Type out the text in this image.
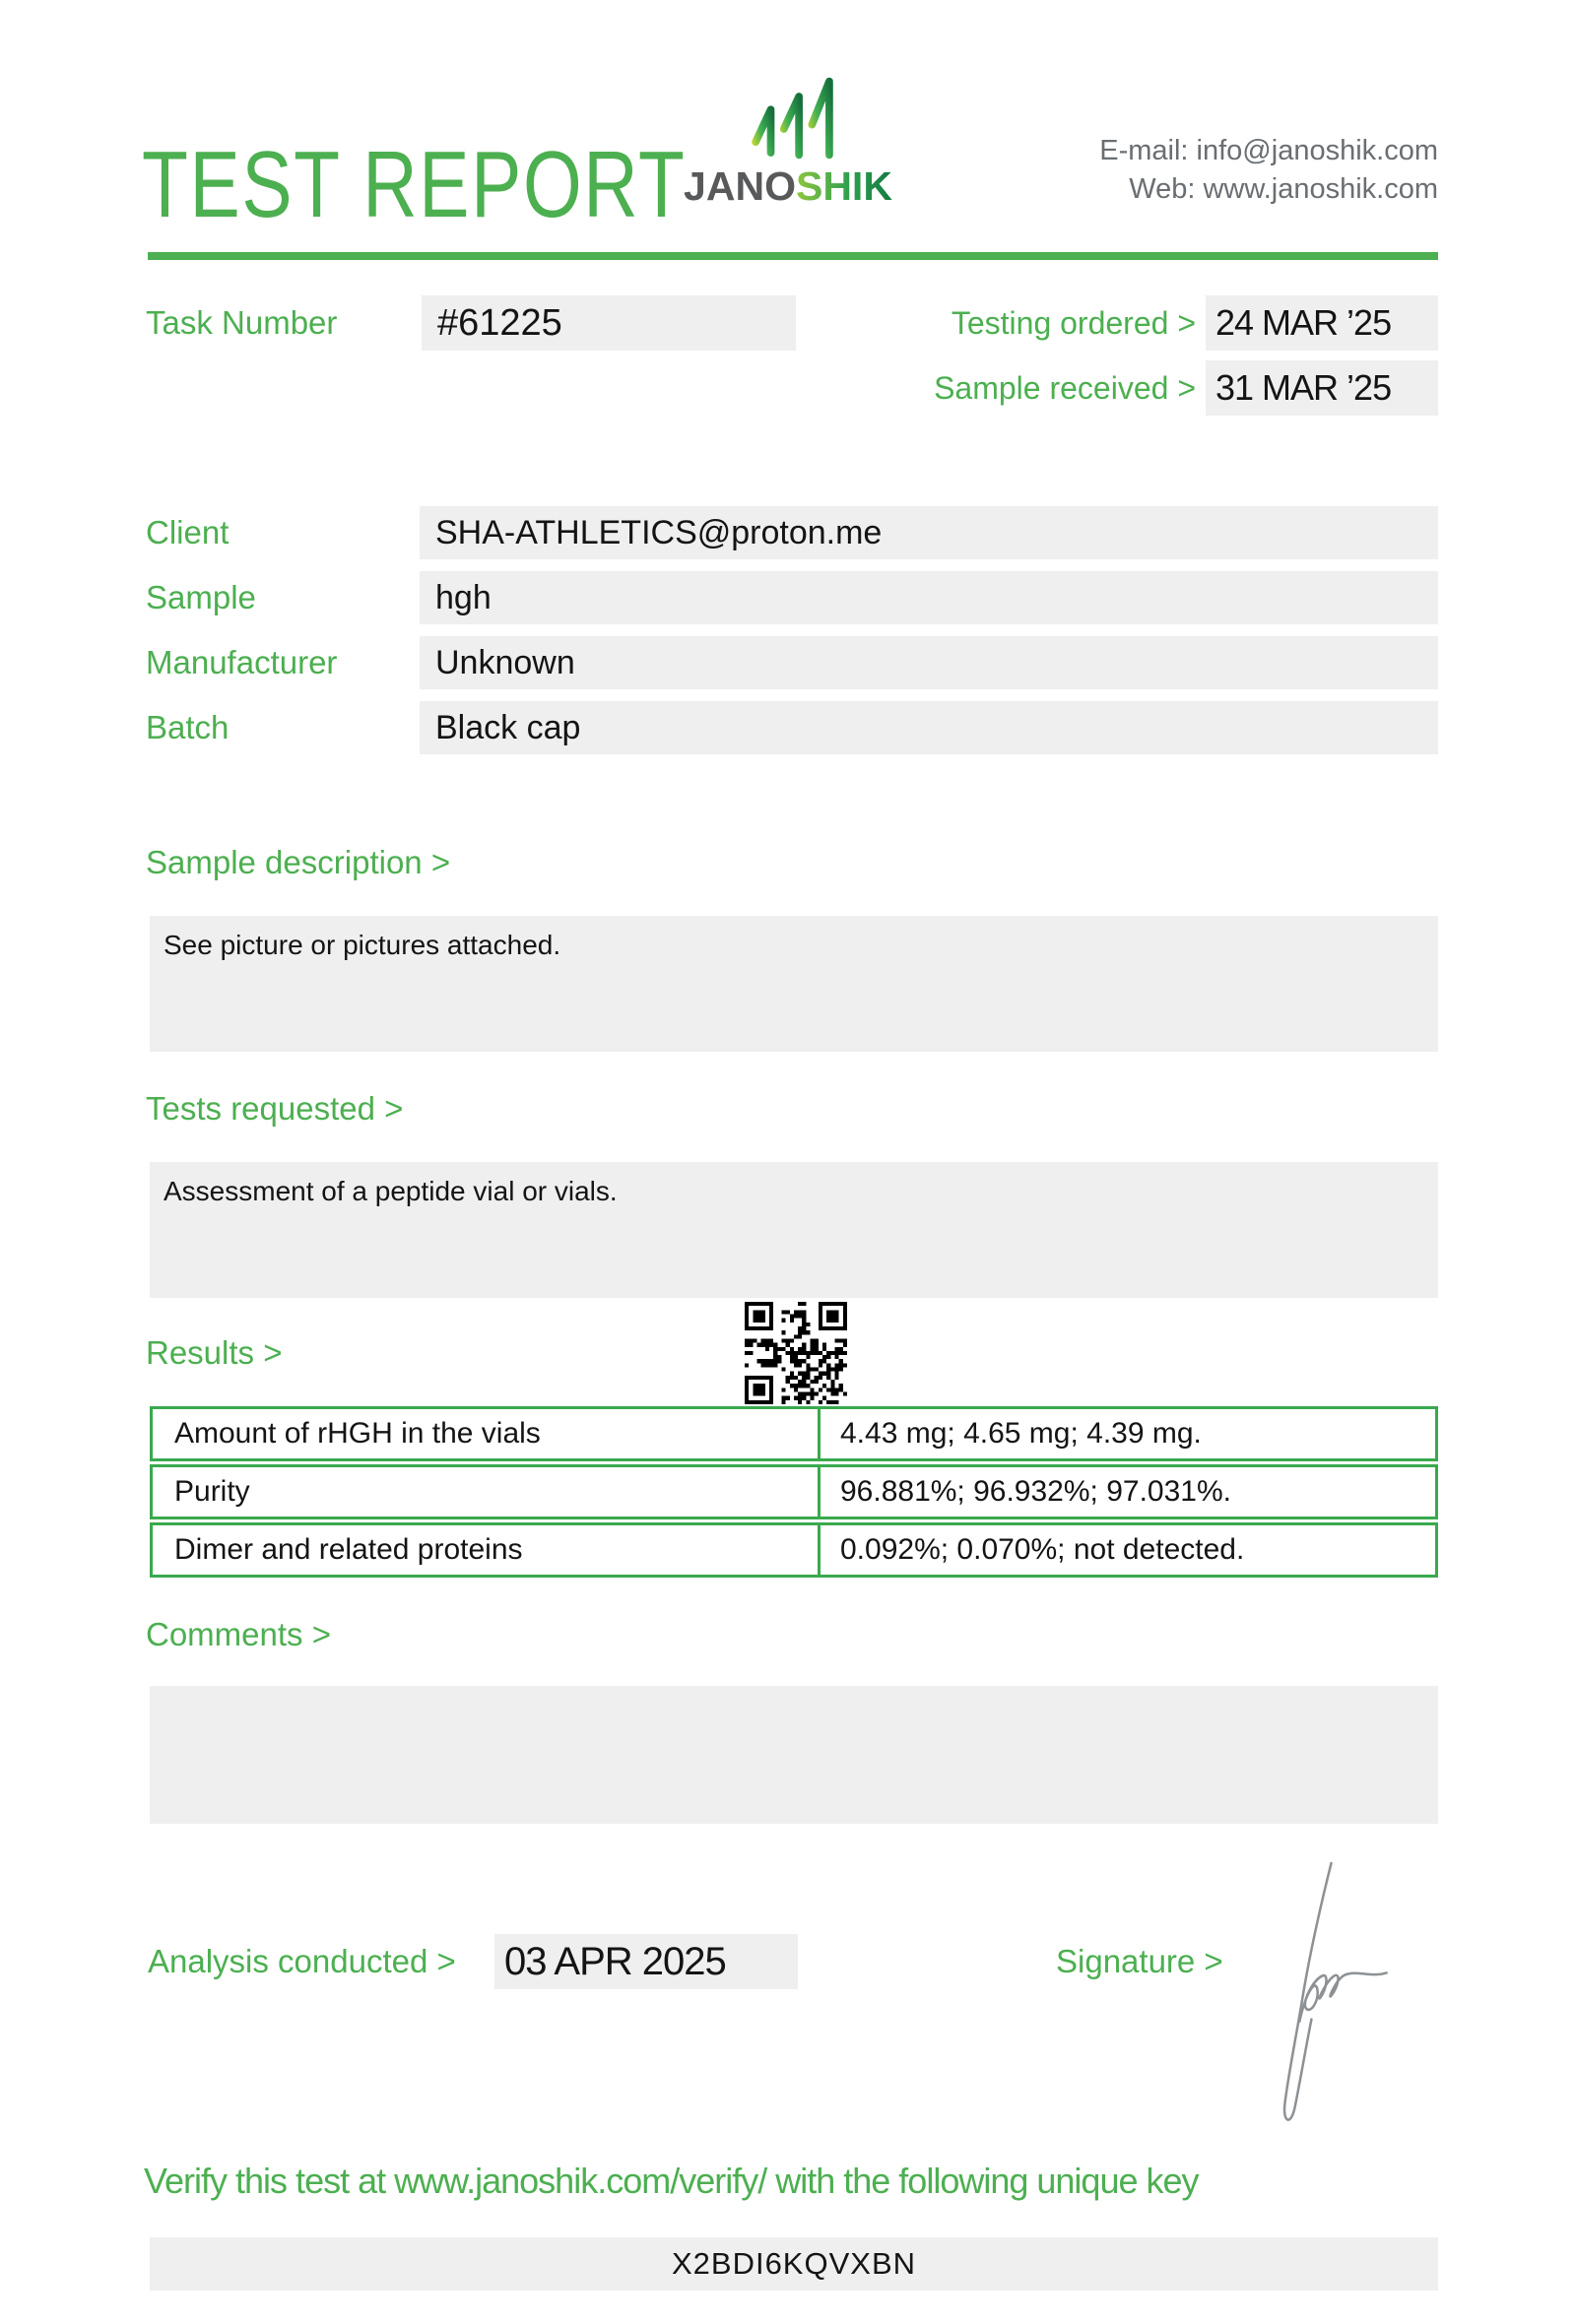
TEST REPORT
JANOSHIK
E-mail: info@janoshik.com
Web: www.janoshik.com
Task Number	#61225	Testing ordered > 24 MAR ’25
Sample received > 31 MAR ’25
Client	SHA-ATHLETICS@proton.me
Sample	hgh
Manufacturer	Unknown
Batch	Black cap
Sample description >
See picture or pictures attached.
Tests requested >
Assessment of a peptide vial or vials.
Results >
Amount of rHGH in the vials	4.43 mg; 4.65 mg; 4.39 mg.
Purity	96.881%; 96.932%; 97.031%.
Dimer and related proteins	0.092%; 0.070%; not detected.
Comments >
Analysis conducted > 03 APR 2025	Signature >
Verify this test at www.janoshik.com/verify/ with the following unique key
X2BDI6KQVXBN
